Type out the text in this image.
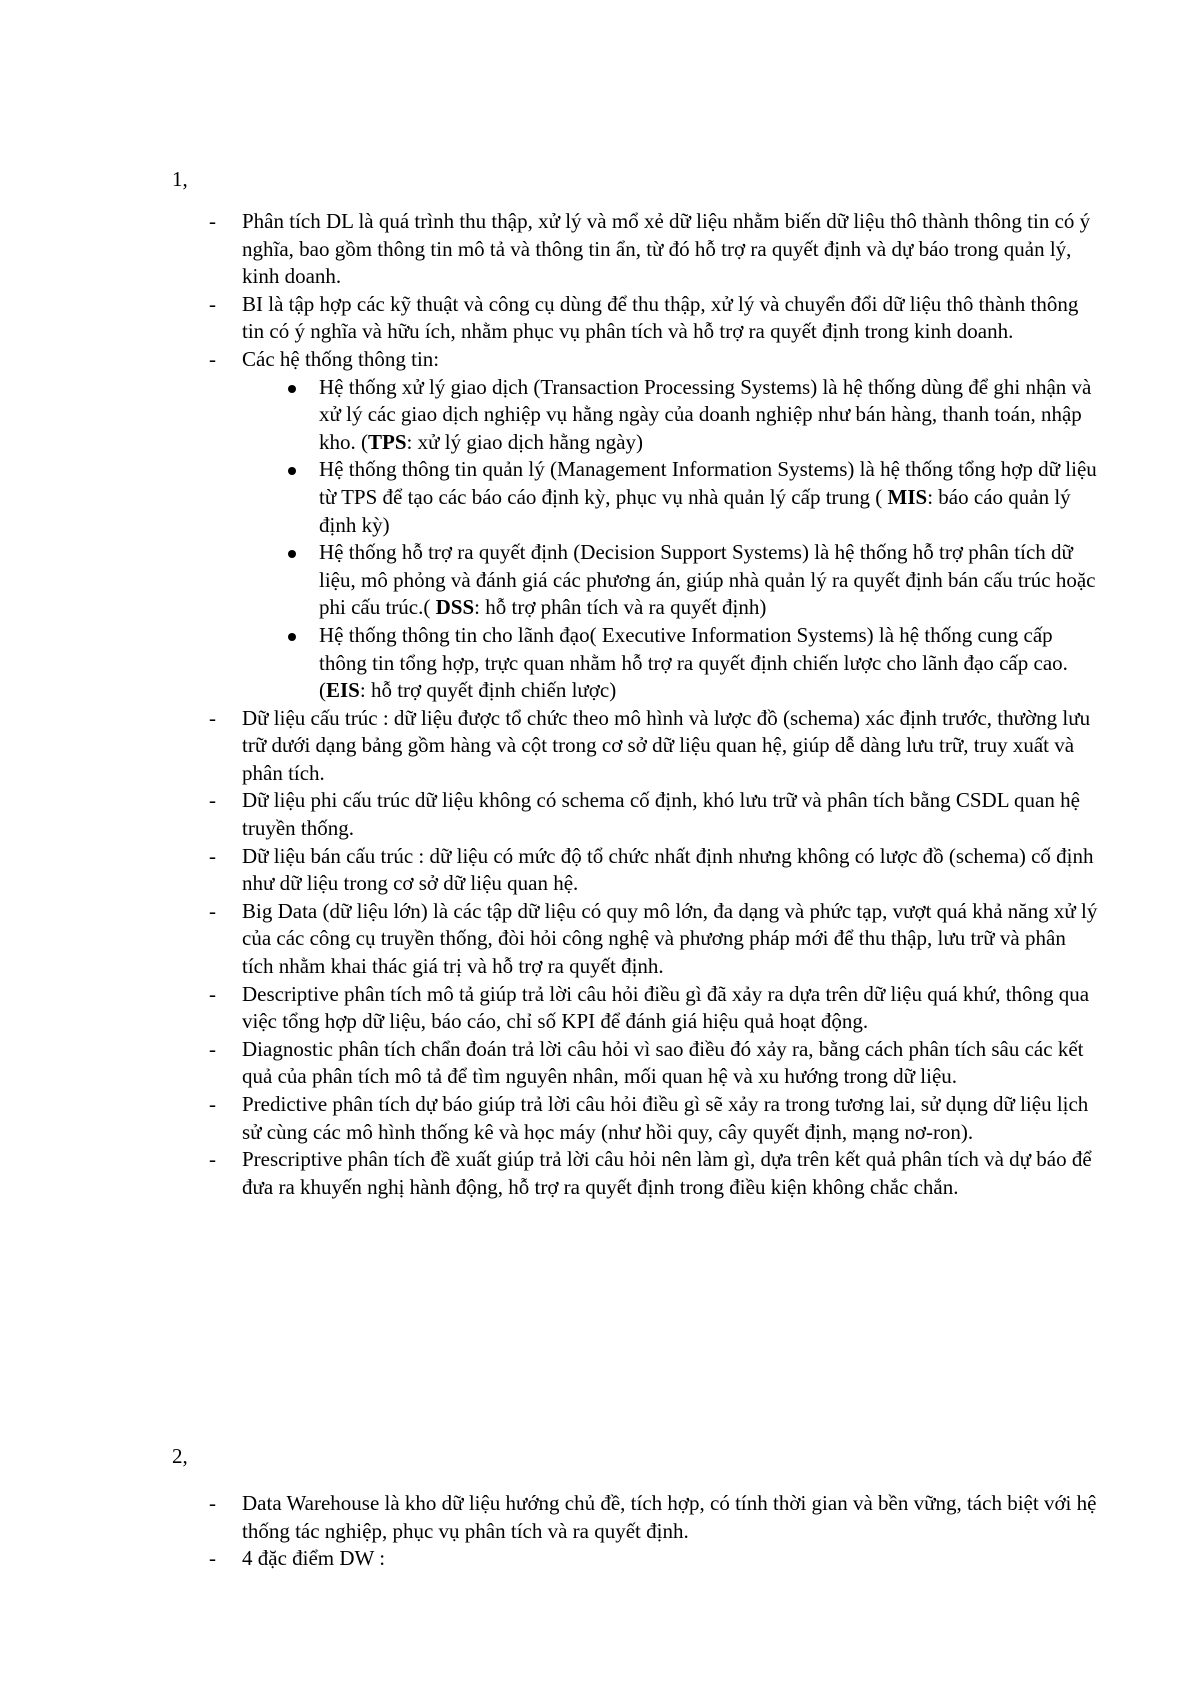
1,
- Phân tích DL là quá trình thu thập, xử lý và mổ xẻ dữ liệu nhằm biến dữ liệu thô thành thông tin có ý nghĩa, bao gồm thông tin mô tả và thông tin ẩn, từ đó hỗ trợ ra quyết định và dự báo trong quản lý, kinh doanh.
- BI là tập hợp các kỹ thuật và công cụ dùng để thu thập, xử lý và chuyển đổi dữ liệu thô thành thông tin có ý nghĩa và hữu ích, nhằm phục vụ phân tích và hỗ trợ ra quyết định trong kinh doanh.
- Các hệ thống thông tin:
Hệ thống xử lý giao dịch (Transaction Processing Systems) là hệ thống dùng để ghi nhận và xử lý các giao dịch nghiệp vụ hằng ngày của doanh nghiệp như bán hàng, thanh toán, nhập kho. (TPS: xử lý giao dịch hằng ngày)
Hệ thống thông tin quản lý (Management Information Systems) là hệ thống tổng hợp dữ liệu từ TPS để tạo các báo cáo định kỳ, phục vụ nhà quản lý cấp trung ( MIS: báo cáo quản lý định kỳ)
Hệ thống hỗ trợ ra quyết định (Decision Support Systems) là hệ thống hỗ trợ phân tích dữ liệu, mô phỏng và đánh giá các phương án, giúp nhà quản lý ra quyết định bán cấu trúc hoặc phi cấu trúc.( DSS: hỗ trợ phân tích và ra quyết định)
Hệ thống thông tin cho lãnh đạo( Executive Information Systems) là hệ thống cung cấp thông tin tổng hợp, trực quan nhằm hỗ trợ ra quyết định chiến lược cho lãnh đạo cấp cao. (EIS: hỗ trợ quyết định chiến lược)
- Dữ liệu cấu trúc : dữ liệu được tổ chức theo mô hình và lược đồ (schema) xác định trước, thường lưu trữ dưới dạng bảng gồm hàng và cột trong cơ sở dữ liệu quan hệ, giúp dễ dàng lưu trữ, truy xuất và phân tích.
- Dữ liệu phi cấu trúc dữ liệu không có schema cố định, khó lưu trữ và phân tích bằng CSDL quan hệ truyền thống.
- Dữ liệu bán cấu trúc : dữ liệu có mức độ tổ chức nhất định nhưng không có lược đồ (schema) cố định như dữ liệu trong cơ sở dữ liệu quan hệ.
- Big Data (dữ liệu lớn) là các tập dữ liệu có quy mô lớn, đa dạng và phức tạp, vượt quá khả năng xử lý của các công cụ truyền thống, đòi hỏi công nghệ và phương pháp mới để thu thập, lưu trữ và phân tích nhằm khai thác giá trị và hỗ trợ ra quyết định.
- Descriptive phân tích mô tả giúp trả lời câu hỏi điều gì đã xảy ra dựa trên dữ liệu quá khứ, thông qua việc tổng hợp dữ liệu, báo cáo, chỉ số KPI để đánh giá hiệu quả hoạt động.
- Diagnostic phân tích chẩn đoán trả lời câu hỏi vì sao điều đó xảy ra, bằng cách phân tích sâu các kết quả của phân tích mô tả để tìm nguyên nhân, mối quan hệ và xu hướng trong dữ liệu.
- Predictive phân tích dự báo giúp trả lời câu hỏi điều gì sẽ xảy ra trong tương lai, sử dụng dữ liệu lịch sử cùng các mô hình thống kê và học máy (như hồi quy, cây quyết định, mạng nơ-ron).
- Prescriptive phân tích đề xuất giúp trả lời câu hỏi nên làm gì, dựa trên kết quả phân tích và dự báo để đưa ra khuyến nghị hành động, hỗ trợ ra quyết định trong điều kiện không chắc chắn.
2,
- Data Warehouse là kho dữ liệu hướng chủ đề, tích hợp, có tính thời gian và bền vững, tách biệt với hệ thống tác nghiệp, phục vụ phân tích và ra quyết định.
- 4 đặc điểm DW :
